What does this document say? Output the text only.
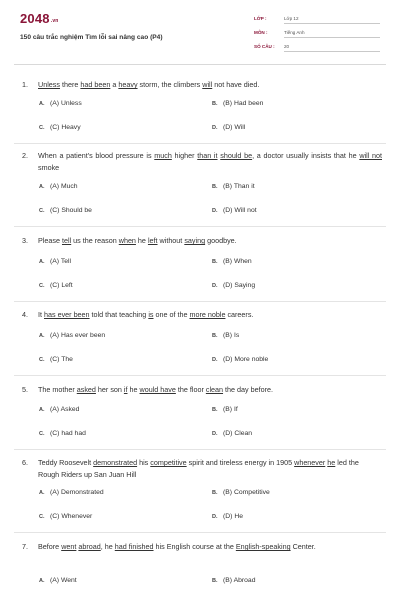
2048.vn
150 câu trắc nghiệm Tìm lỗi sai nâng cao (P4)
LỚP :	Lớp 12
MÔN :	Tiếng Anh
SỐ CÂU :	20
1. Unless there had been a heavy storm, the climbers will not have died.
A. (A) Unless	B. (B) Had been
C. (C) Heavy	D. (D) Will
2. When a patient's blood pressure is much higher than it should be, a doctor usually insists that he will not smoke
A. (A) Much	B. (B) Than it
C. (C) Should be	D. (D) Will not
3. Please tell us the reason when he left without saying goodbye.
A. (A) Tell	B. (B) When
C. (C) Left	D. (D) Saying
4. It has ever been told that teaching is one of the more noble careers.
A. (A) Has ever been	B. (B) Is
C. (C) The	D. (D) More noble
5. The mother asked her son if he would have the floor clean the day before.
A. (A) Asked	B. (B) If
C. (C) had had	D. (D) Clean
6. Teddy Roosevelt demonstrated his competitive spirit and tireless energy in 1905 whenever he led the Rough Riders up San Juan Hill
A. (A) Demonstrated	B. (B) Competitive
C. (C) Whenever	D. (D) He
7. Before went abroad, he had finished his English course at the English-speaking Center.
A. (A) Went	B. (B) Abroad
